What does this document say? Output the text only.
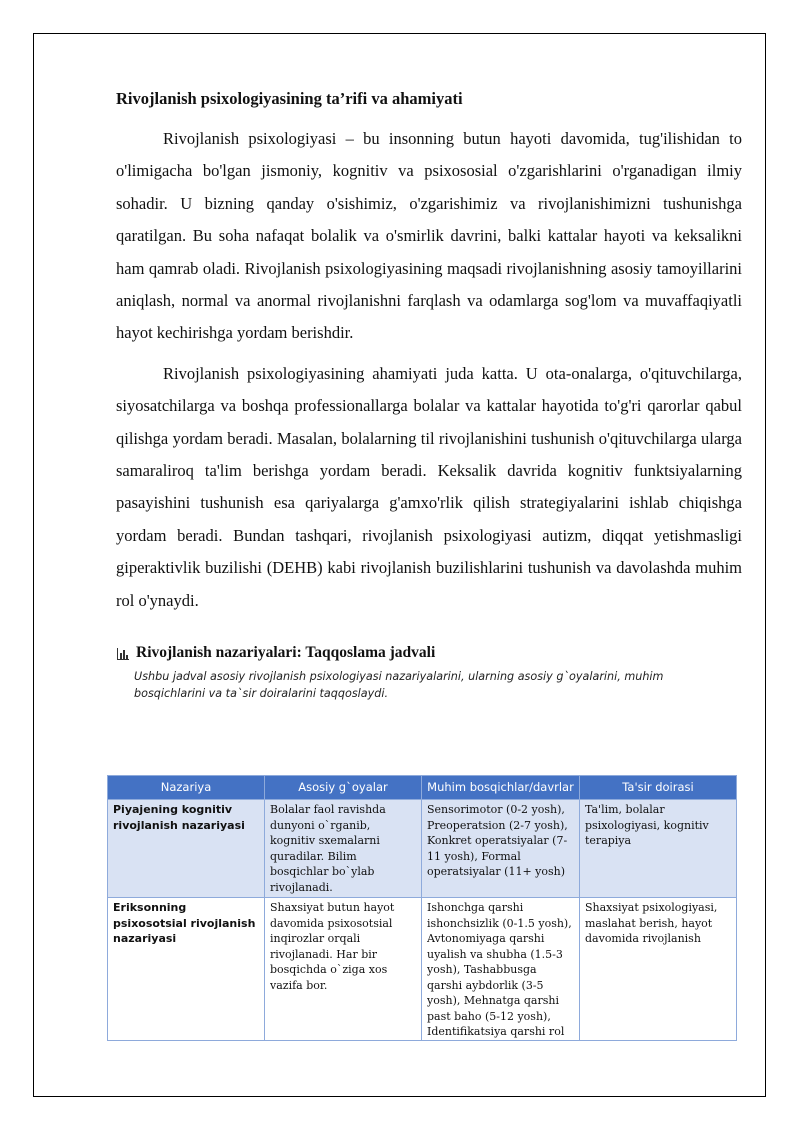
Rivojlanish psixologiyasining ta’rifi va ahamiyati

Rivojlanish psixologiyasi – bu insonning butun hayoti davomida, tug'ilishidan to o'limigacha bo'lgan jismoniy, kognitiv va psixososial o'zgarishlarini o'rganadigan ilmiy sohadir. U bizning qanday o'sishimiz, o'zgarishimiz va rivojlanishimizni tushunishga qaratilgan. Bu soha nafaqat bolalik va o'smirlik davrini, balki kattalar hayoti va keksalikni ham qamrab oladi. Rivojlanish psixologiyasining maqsadi rivojlanishning asosiy tamoyillarini aniqlash, normal va anormal rivojlanishni farqlash va odamlarga sog'lom va muvaffaqiyatli hayot kechirishga yordam berishdir.

Rivojlanish psixologiyasining ahamiyati juda katta. U ota-onalarga, o'qituvchilarga, siyosatchilarga va boshqa professionallarga bolalar va kattalar hayotida to'g'ri qarorlar qabul qilishga yordam beradi. Masalan, bolalarning til rivojlanishini tushunish o'qituvchilarga ularga samaraliroq ta'lim berishga yordam beradi. Keksalik davrida kognitiv funktsiyalarning pasayishini tushunish esa qariyalarga g'amxo'rlik qilish strategiyalarini ishlab chiqishga yordam beradi. Bundan tashqari, rivojlanish psixologiyasi autizm, diqqat yetishmasligi giperaktivlik buzilishi (DEHB) kabi rivojlanish buzilishlarini tushunish va davolashda muhim rol o'ynaydi.

Rivojlanish nazariyalari: Taqqoslama jadvali
Ushbu jadval asosiy rivojlanish psixologiyasi nazariyalarini, ularning asosiy g`oyalarini, muhim bosqichlarini va ta`sir doiralarini taqqoslaydi.
Nazariya	Asosiy g`oyalar	Muhim bosqichlar/davrlar	Ta'sir doirasi
Piyajening kognitiv rivojlanish nazariyasi	Bolalar faol ravishda dunyoni o`rganib, kognitiv sxemalarni quradilar. Bilim bosqichlar bo`ylab rivojlanadi.	Sensorimotor (0-2 yosh), Preoperatsion (2-7 yosh), Konkret operatsiyalar (7-11 yosh), Formal operatsiyalar (11+ yosh)	Ta'lim, bolalar psixologiyasi, kognitiv terapiya

Eriksonning psixosotsial rivojlanish nazariyasi	Shaxsiyat butun hayot davomida psixosotsial inqirozlar orqali rivojlanadi. Har bir bosqichda o`ziga xos vazifa bor.	Ishonchga qarshi ishonchsizlik (0-1.5 yosh), Avtonomiyaga qarshi uyalish va shubha (1.5-3 yosh), Tashabbusga qarshi aybdorlik (3-5 yosh), Mehnatga qarshi past baho (5-12 yosh), Identifikatsiya qarshi rol	Shaxsiyat psixologiyasi, maslahat berish, hayot davomida rivojlanish
